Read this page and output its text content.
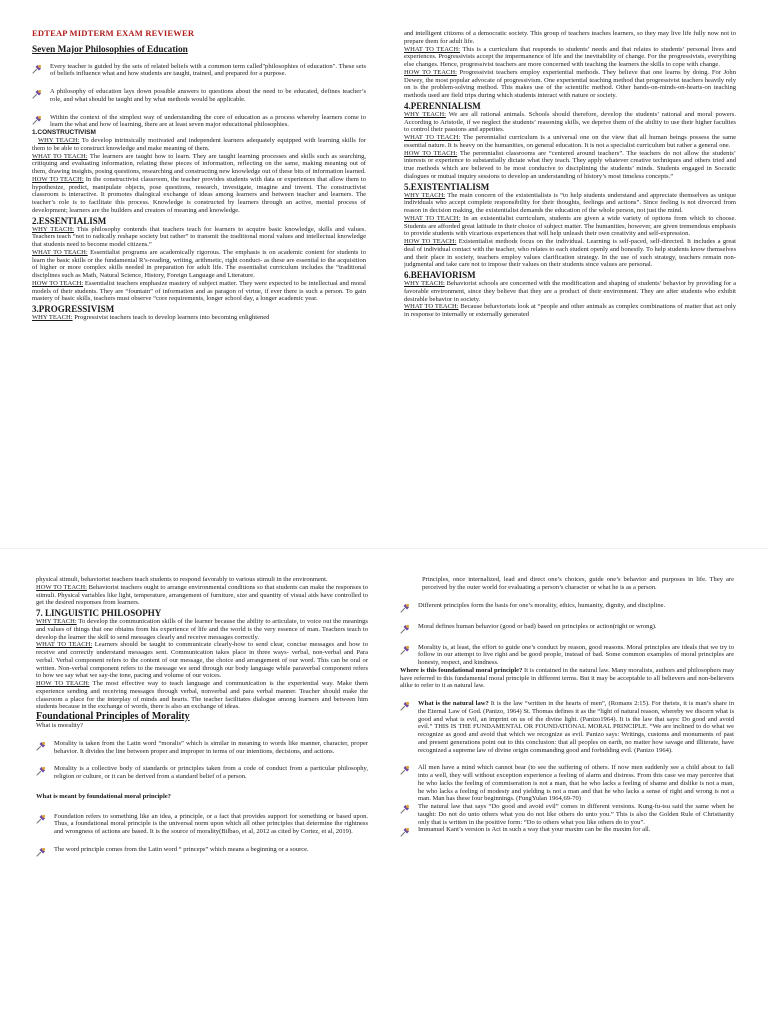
EDTEAP MIDTERM EXAM REVIEWER
Seven Major Philosophies of Education

Every teacher is guided by the sets of related beliefs with a common term called"philosophies of education". These sets of beliefs influence what and how students are taught, trained, and prepared for a purpose.

A philosophy of education lays down possible answers to questions about the need to be educated, defines teacher’s role, and what should be taught and by what methods would be applicable.

Within the context of the simplest way of understanding the core of education as a process whereby learners come to learn the what and how of learning, there are at least seven major educational philosophies.

1.CONSTRUCTIVISM

WHY TEACH: To develop intrinsically motivated and independent learners adequately equipped with learning skills for them to be able to construct knowledge and make meaning of them.

WHAT TO TEACH: The learners are taught how to learn. They are taught learning processes and skills such as searching, critiquing and evaluating information, relating these pieces of information, reflecting on the same, making meaning out of them, drawing insights, posing questions, researching and constructing new knowledge out of these bits of information learned.

HOW TO TEACH: In the constructivist classroom, the teacher provides students with data or experiences that allow them to hypothesize, predict, manipulate objects, pose questions, research, investigate, imagine and invent. The constructivist classroom is interactive. It promotes dialogical exchange of ideas among learners and between teacher and learners. The teacher’s role is to facilitate this process. Knowledge is constructed by learners through an active, mental process of development; learners are the builders and creators of meaning and knowledge.

2.ESSENTIALISM

WHY TEACH: This philosophy contends that teachers teach for learners to acquire basic knowledge, skills and values. Teachers teach “not to radically reshape society but rather” to transmit the traditional moral values and intellectual knowledge that students need to become model citizens.”

WHAT TO TEACH: Essentialist programs are academically rigorous. The emphasis is on academic content for students to learn the basic skills or the fundamental R’s-reading, writing, arithmetic, right conduct- as these are essential to the acquisition of higher or more complex skills needed in preparation for adult life. The essentialist curriculum includes the “traditional disciplines such as Math, Natural Science, History, Foreign Language and Literature.

HOW TO TEACH: Essentialist teachers emphasize mastery of subject matter. They were expected to be intellectual and moral models of their students. They are “fountain” of information and as paragon of virtue, if ever there is such a person. To gain mastery of basic skills, teachers must observe “core requirements, longer school day, a longer academic year.

3.PROGRESSIVISM

WHY TEACH: Progressivist teachers teach to develop learners into becoming enlightened

and intelligent citizens of a democratic society. This group of teachers teaches learners, so they may live life fully now not to prepare them for adult life.

WHAT TO TEACH: This is a curriculum that responds to students’ needs and that relates to students’ personal lives and experiences. Progressivists accept the impermanence of life and the inevitability of change. For the progressivists, everything else changes. Hence, progressivist teachers are more concerned with teaching the learners the skills to cope with change.

HOW TO TEACH: Progressivist teachers employ experiential methods. They believe that one learns by doing. For John Dewey, the most popular advocate of progressivism. One experiential teaching method that progressivist teachers heavily rely on is the problem-solving method. This makes use of the scientific method. Other hands-on-minds-on-hearts-on teaching methods used are field trips during which students interact with nature or society.

4.PERENNIALISM

WHY TEACH: We are all rational animals. Schools should therefore, develop the students’ rational and moral powers. According to Aristotle, if we neglect the students’ reasoning skills, we deprive them of the ability to use their higher faculties to control their passions and appetites.

WHAT TO TEACH: The perennialist curriculum is a universal one on the view that all human beings possess the same essential nature. It is heavy on the humanities, on general education. It is not a specialist curriculum but rather a general one.

HOW TO TEACH: The perennialist classrooms are “centered around teachers”. The teachers do not allow the students’ interests or experience to substantially dictate what they teach. They apply whatever creative techniques and others tried and true methods which are believed to be most conducive to disciplining the students’ minds. Students engaged in Socratic dialogues or mutual inquiry sessions to develop an understanding of history’s most timeless concepts.”

5.EXISTENTIALISM

WHY TEACH: The main concern of the existentialists is “to help students understand and appreciate themselves as unique individuals who accept complete responsibility for their thoughts, feelings and actions”. Since feeling is not divorced from reason in decision making, the existentialist demands the education of the whole person, not just the mind.

WHAT TO TEACH: In an existentialist curriculum, students are given a wide variety of options from which to choose. Students are afforded great latitude in their choice of subject matter. The humanities, however, are given tremendous emphasis to provide students with vicarious experiences that will help unleash their own creativity and self-expression.

HOW TO TEACH: Existentialist methods focus on the individual. Learning is self-paced, self-directed. It includes a great deal of individual contact with the teacher, who relates to each student openly and honestly. To help students know themselves and their place in society, teachers employ values clarification strategy. In the use of such strategy, teachers remain non-judgmental and take care not to impose their values on their students since values are personal.

6.BEHAVIORISM

WHY TEACH: Behaviorist schools are concerned with the modification and shaping of students’ behavior by providing for a favorable environment, since they believe that they are a product of their environment. They are after students who exhibit desirable behavior in society.

WHAT TO TEACH: Because behaviorists look at “people and other animals as complex combinations of matter that act only in response to internally or externally generated

physical stimuli, behaviorist teachers teach students to respond favorably to various stimuli in the environment.

HOW TO TEACH: Behaviorist teachers ought to arrange environmental conditions so that students can make the responses to stimuli. Physical variables like light, temperature, arrangement of furniture, size and quantity of visual aids have controlled to get the desired responses from learners.

7. LINGUISTIC PHILOSOPHY

WHY TEACH: To develop the communication skills of the learner because the ability to articulate, to voice out the meanings and values of things that one obtains from his experience of life and the world is the very essence of man. Teachers teach to develop the learner the skill to send messages clearly and receive messages correctly.

WHAT TO TEACH: Learners should be taught to communicate clearly-how to send clear, concise messages and how to receive and correctly understand messages sent. Communication takes place in three ways- verbal, non-verbal and Para verbal. Verbal component refers to the content of our message, the choice and arrangement of our word. This can be oral or written. Non-verbal component refers to the message we send through our body language while paraverbal component refers to how we say what we say-the tone, pacing and volume of our voices.

HOW TO TEACH: The most effective way to teach language and communication is the experiential way. Make them experience sending and receiving messages through verbal, nonverbal and para verbal manner. Teacher should make the classroom a place for the interplay of minds and hearts. The teacher facilitates dialogue among learners and between him students because in the exchange of words, there is also an exchange of ideas.

Foundational Principles of Morality

What is morality?

Morality is taken from the Latin word “moralis” which is similar in meaning to words like manner, character, proper behavior. It divides the line between proper and improper in terms of our intentions, decisions, and actions.

Morality is a collective body of standards or principles taken from a code of conduct from a particular philosophy, religion or culture, or it can be derived from a standard belief of a person.

What is meant by foundational moral principle?

Foundation refers to something like an idea, a principle, or a fact that provides support for something or based upon. Thus, a foundational moral principle is the universal norm upon which all other principles that determine the rightness and wrongness of actions are based. It is the source of morality(Bilbao, et al, 2012 as cited by Cortez, et al, 2019).

The word principle comes from the Latin word “ princeps” which means a beginning or a source.

Principles, once internalized, lead and direct one’s choices, guide one’s behavior and purposes in life. They are perceived by the outer world for evaluating a person’s character or what he is as a person.

Different principles form the basis for one’s morality, ethics, humanity, dignity, and discipline.

Moral defines human behavior (good or bad) based on principles or action(right or wrong).

Morality is, at least, the effort to guide one’s conduct by reason, good reasons. Moral principles are ideals that we try to follow in our attempt to live right and be good people, instead of bad. Some common examples of moral principles are honesty, respect, and kindness.

Where is this foundational moral principle? It is contained in the natural law. Many moralists, authors and philosophers may have referred to this fundamental moral principle in different terms. But it may be acceptable to all believers and non-believers alike to refer to it as natural law.

What is the natural law? It is the law “written in the hearts of men”, (Romans 2:15). For theists, it is man’s share in the Eternal Law of God. (Panizo, 1964) St. Thomas defines it as the “light of natural reason, whereby we discern what is good and what is evil, an imprint on us of the divine light. (Panizo1964). It is the law that says: Do good and avoid evil.” THIS IS THE FUNDAMENTAL OR FOUNDATIONAL MORAL PRINCIPLE. “We are inclined to do what we recognize as good and avoid that which we recognize as evil. Panizo says: Writings, customs and monuments of past and present generations point out to this conclusion: that all peoples on earth, no matter how savage and illiterate, have recognized a supreme law of divine origin commanding good and forbidding evil. (Panizo 1964).

All men have a mind which cannot bear (to see the suffering of others. If now men suddenly see a child about to fall into a well, they will without exception experience a feeling of alarm and distress. From this case we may perceive that he who lacks the feeling of commiseration is not a man, that he who lacks a feeling of shame and dislike is not a man, he who lacks a feeling of modesty and yielding is not a man and that he who lacks a sense of right and wrong is not a man. Man has these four beginnings. (FungYulan 1964,69-70)

The natural law that says “Do good and avoid evil” comes in different versions. Kung-fu-tsu said the same when he taught: Do not do unto others what you do not like others do unto you.” This is also the Golden Rule of Christianity only that is written in the positive form: “Do to others what you like others do to you”.

Immanuel Kant’s version is Act in such a way that your maxim can be the maxim for all.
